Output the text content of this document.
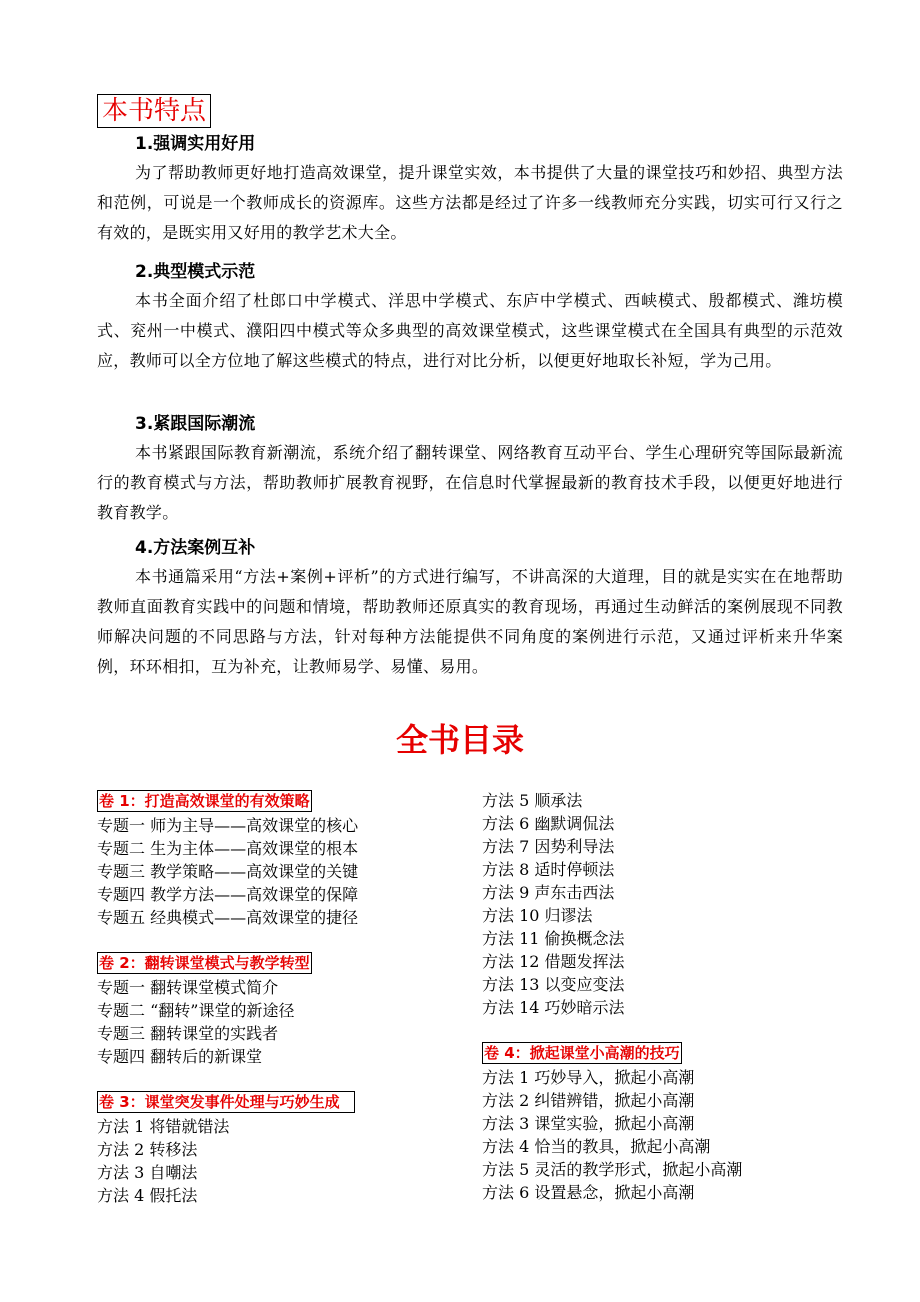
本书特点

1.强调实用好用

为了帮助教师更好地打造高效课堂，提升课堂实效，本书提供了大量的课堂技巧和妙招、典型方法和范例，可说是一个教师成长的资源库。这些方法都是经过了许多一线教师充分实践，切实可行又行之有效的，是既实用又好用的教学艺术大全。

2.典型模式示范

本书全面介绍了杜郎口中学模式、洋思中学模式、东庐中学模式、西峡模式、殷都模式、潍坊模式、兖州一中模式、濮阳四中模式等众多典型的高效课堂模式，这些课堂模式在全国具有典型的示范效应，教师可以全方位地了解这些模式的特点，进行对比分析，以便更好地取长补短，学为己用。

3.紧跟国际潮流

本书紧跟国际教育新潮流，系统介绍了翻转课堂、网络教育互动平台、学生心理研究等国际最新流行的教育模式与方法，帮助教师扩展教育视野，在信息时代掌握最新的教育技术手段，以便更好地进行教育教学。

4.方法案例互补

本书通篇采用“方法+案例+评析”的方式进行编写，不讲高深的大道理，目的就是实实在在地帮助教师直面教育实践中的问题和情境，帮助教师还原真实的教育现场，再通过生动鲜活的案例展现不同教师解决问题的不同思路与方法，针对每种方法能提供不同角度的案例进行示范，又通过评析来升华案例，环环相扣，互为补充，让教师易学、易懂、易用。

全书目录
卷 1：打造高效课堂的有效策略

专题一 师为主导——高效课堂的核心

专题二 生为主体——高效课堂的根本

专题三 教学策略——高效课堂的关键

专题四 教学方法——高效课堂的保障

专题五 经典模式——高效课堂的捷径

卷 2：翻转课堂模式与教学转型

专题一 翻转课堂模式简介

专题二 “翻转”课堂的新途径

专题三 翻转课堂的实践者

专题四 翻转后的新课堂

卷 3：课堂突发事件处理与巧妙生成

方法 1 将错就错法

方法 2 转移法

方法 3 自嘲法

方法 4 假托法

方法 5 顺承法

方法 6 幽默调侃法

方法 7 因势利导法

方法 8 适时停顿法

方法 9 声东击西法

方法 10 归谬法

方法 11 偷换概念法

方法 12 借题发挥法

方法 13 以变应变法

方法 14 巧妙暗示法

卷 4：掀起课堂小高潮的技巧

方法 1 巧妙导入，掀起小高潮

方法 2 纠错辨错，掀起小高潮

方法 3 课堂实验，掀起小高潮

方法 4 恰当的教具，掀起小高潮

方法 5 灵活的教学形式，掀起小高潮

方法 6 设置悬念，掀起小高潮
